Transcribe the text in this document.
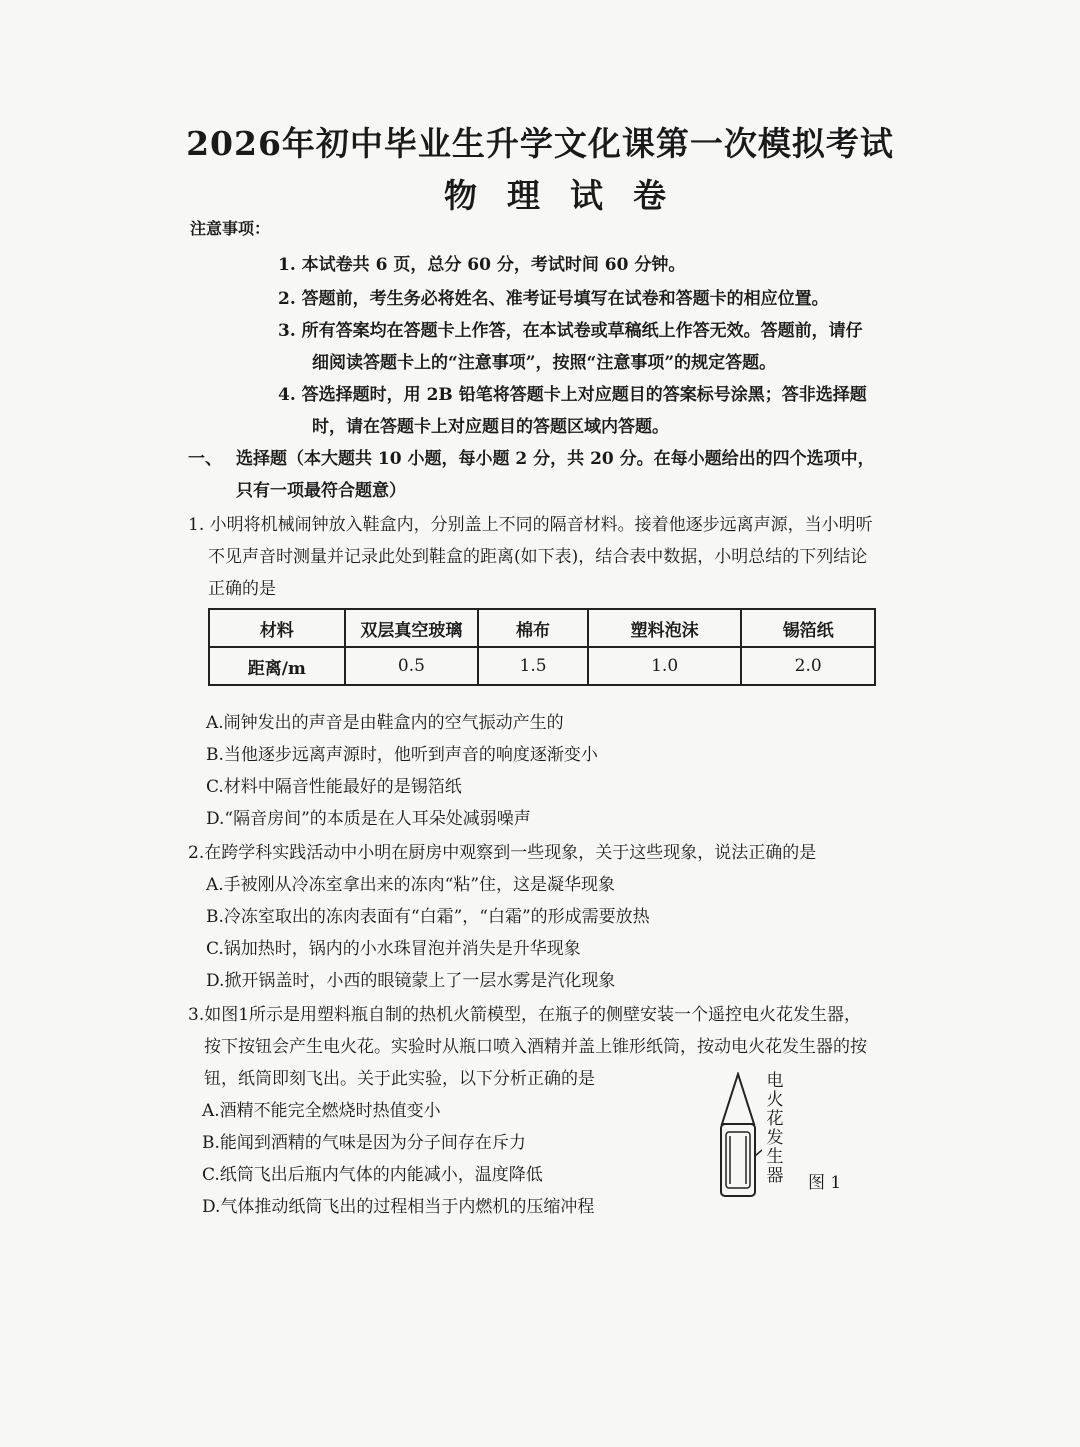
2026年初中毕业生升学文化课第一次模拟考试
物理试卷
注意事项：
1. 本试卷共 6 页，总分 60 分，考试时间 60 分钟。
2. 答题前，考生务必将姓名、准考证号填写在试卷和答题卡的相应位置。
3. 所有答案均在答题卡上作答，在本试卷或草稿纸上作答无效。答题前，请仔
细阅读答题卡上的“注意事项”，按照“注意事项”的规定答题。
4. 答选择题时，用 2B 铅笔将答题卡上对应题目的答案标号涂黑；答非选择题
时，请在答题卡上对应题目的答题区域内答题。
一、 选择题（本大题共 10 小题，每小题 2 分，共 20 分。在每小题给出的四个选项中，
只有一项最符合题意）
1. 小明将机械闹钟放入鞋盒内，分别盖上不同的隔音材料。接着他逐步远离声源，当小明听
不见声音时测量并记录此处到鞋盒的距离(如下表)，结合表中数据，小明总结的下列结论
正确的是
材料	双层真空玻璃	棉布	塑料泡沫	锡箔纸
距离/m	0.5	1.5	1.0	2.0
A.闹钟发出的声音是由鞋盒内的空气振动产生的
B.当他逐步远离声源时，他听到声音的响度逐渐变小
C.材料中隔音性能最好的是锡箔纸
D.“隔音房间”的本质是在人耳朵处减弱噪声
2.在跨学科实践活动中小明在厨房中观察到一些现象，关于这些现象，说法正确的是
A.手被刚从冷冻室拿出来的冻肉“粘”住，这是凝华现象
B.冷冻室取出的冻肉表面有“白霜”，“白霜”的形成需要放热
C.锅加热时，锅内的小水珠冒泡并消失是升华现象
D.掀开锅盖时，小西的眼镜蒙上了一层水雾是汽化现象
3.如图1所示是用塑料瓶自制的热机火箭模型，在瓶子的侧壁安装一个遥控电火花发生器，
按下按钮会产生电火花。实验时从瓶口喷入酒精并盖上锥形纸筒，按动电火花发生器的按
钮，纸筒即刻飞出。关于此实验，以下分析正确的是
A.酒精不能完全燃烧时热值变小
B.能闻到酒精的气味是因为分子间存在斥力
C.纸筒飞出后瓶内气体的内能减小，温度降低
D.气体推动纸筒飞出的过程相当于内燃机的压缩冲程
电
火
花
发
生
器 图 1
